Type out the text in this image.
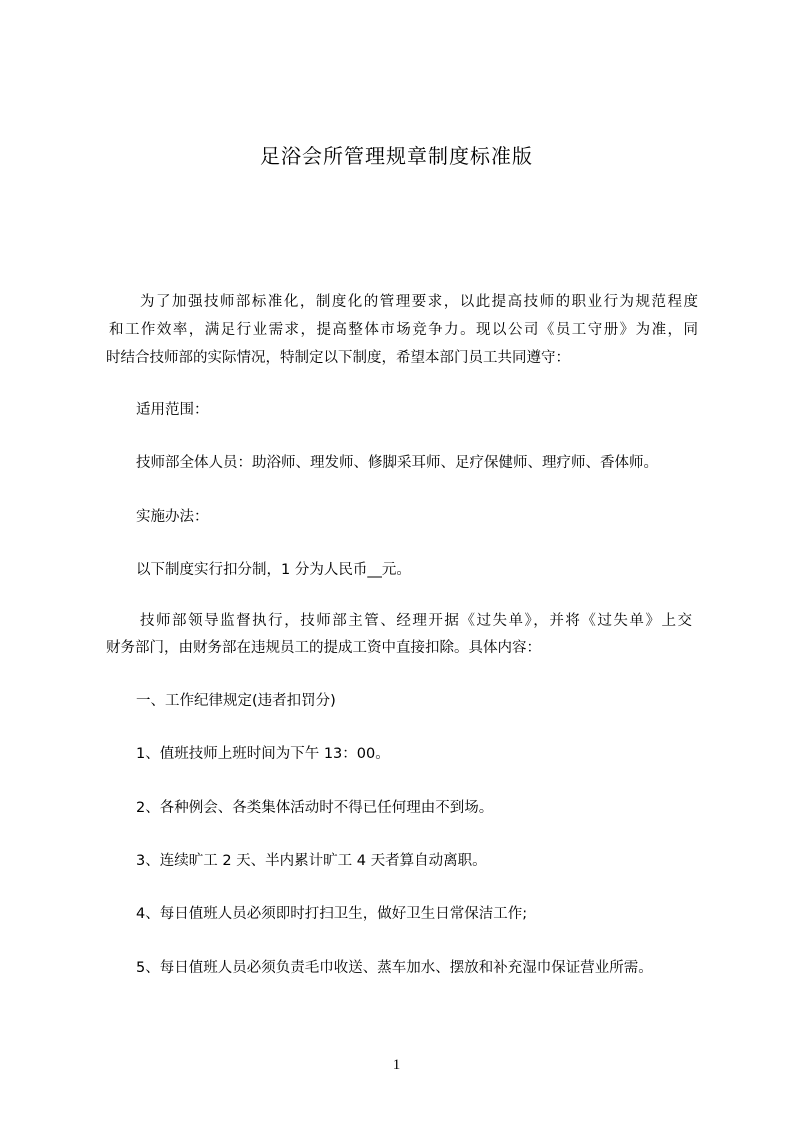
足浴会所管理规章制度标准版

为了加强技师部标准化，制度化的管理要求，以此提高技师的职业行为规范程度

和工作效率，满足行业需求，提高整体市场竞争力。现以公司《员工守册》为准，同

时结合技师部的实际情况，特制定以下制度，希望本部门员工共同遵守：

适用范围：

技师部全体人员：助浴师、理发师、修脚采耳师、足疗保健师、理疗师、香体师。

实施办法：

以下制度实行扣分制，1 分为人民币__元。

技师部领导监督执行，技师部主管、经理开据《过失单》，并将《过失单》上交

财务部门，由财务部在违规员工的提成工资中直接扣除。具体内容：

一、工作纪律规定(违者扣罚分)

1、值班技师上班时间为下午 13：00。

2、各种例会、各类集体活动时不得已任何理由不到场。

3、连续旷工 2 天、半内累计旷工 4 天者算自动离职。

4、每日值班人员必须即时打扫卫生，做好卫生日常保洁工作;

5、每日值班人员必须负责毛巾收送、蒸车加水、摆放和补充湿巾保证营业所需。

1
